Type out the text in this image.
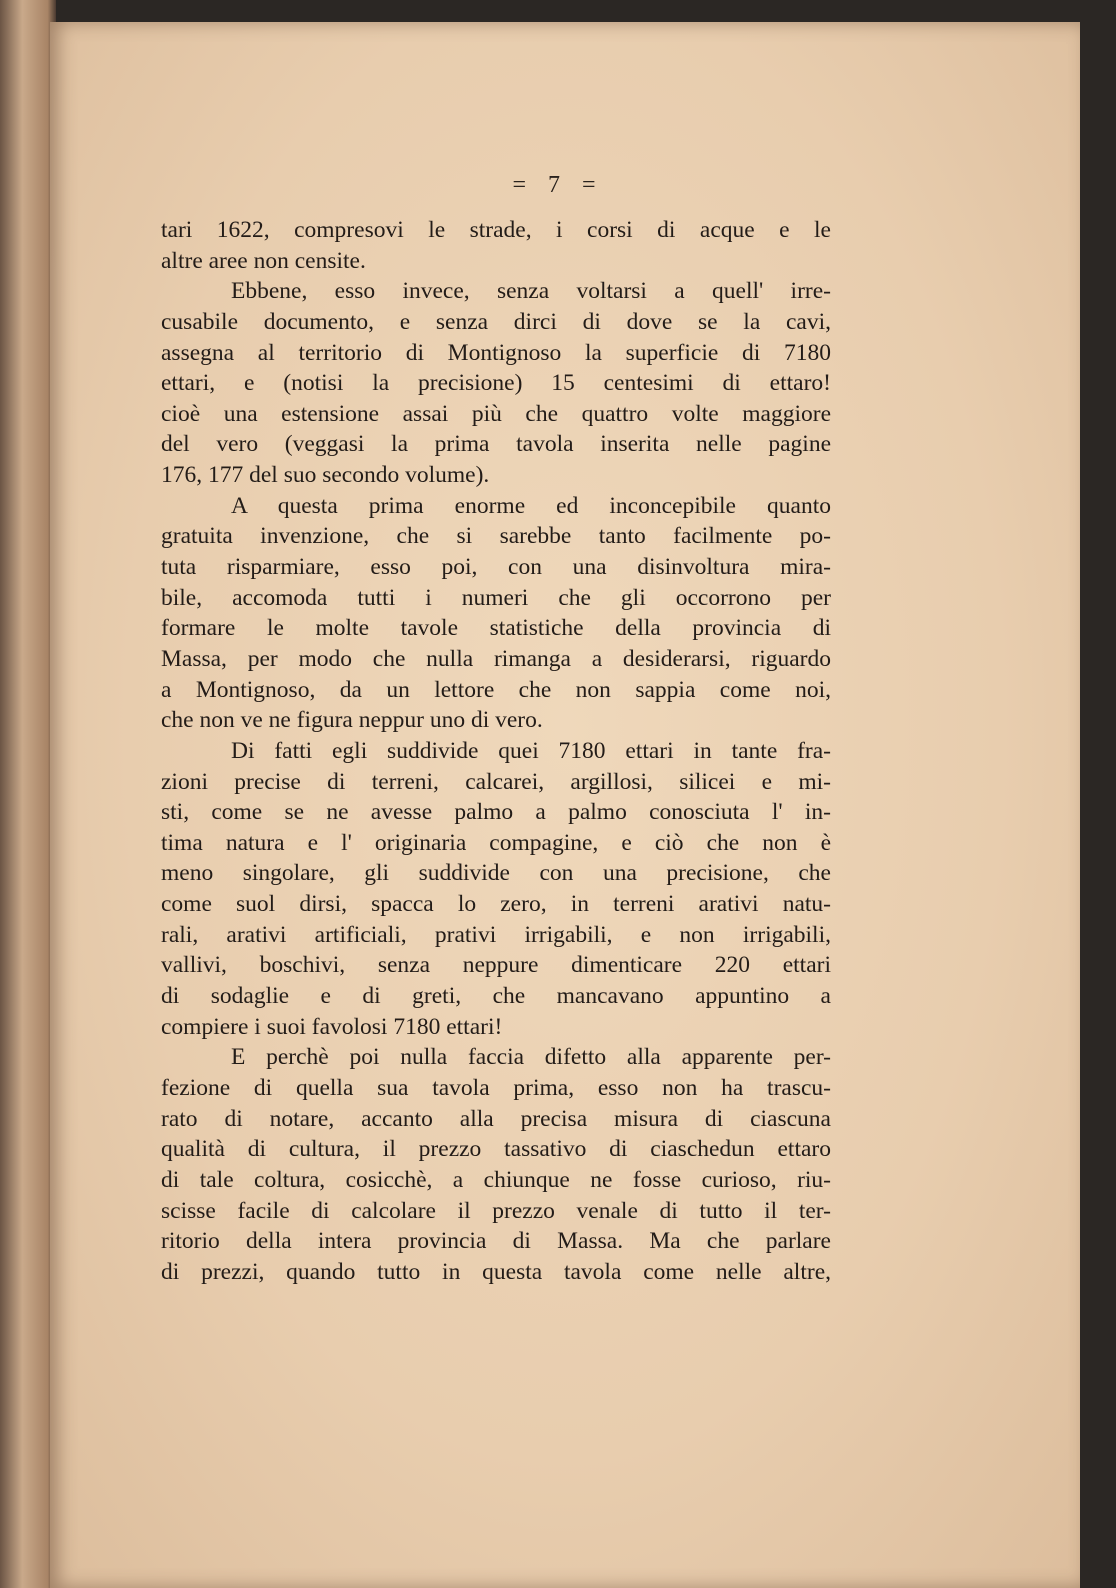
= 7 =
tari 1622, compresovi le strade, i corsi di acque e le
altre aree non censite.
Ebbene, esso invece, senza voltarsi a quell' irre-
cusabile documento, e senza dirci di dove se la cavi,
assegna al territorio di Montignoso la superficie di 7180
ettari, e (notisi la precisione) 15 centesimi di ettaro!
cioè una estensione assai più che quattro volte maggiore
del vero (veggasi la prima tavola inserita nelle pagine
176, 177 del suo secondo volume).
A questa prima enorme ed inconcepibile quanto
gratuita invenzione, che si sarebbe tanto facilmente po-
tuta risparmiare, esso poi, con una disinvoltura mira-
bile, accomoda tutti i numeri che gli occorrono per
formare le molte tavole statistiche della provincia di
Massa, per modo che nulla rimanga a desiderarsi, riguardo
a Montignoso, da un lettore che non sappia come noi,
che non ve ne figura neppur uno di vero.
Di fatti egli suddivide quei 7180 ettari in tante fra-
zioni precise di terreni, calcarei, argillosi, silicei e mi-
sti, come se ne avesse palmo a palmo conosciuta l' in-
tima natura e l' originaria compagine, e ciò che non è
meno singolare, gli suddivide con una precisione, che
come suol dirsi, spacca lo zero, in terreni arativi natu-
rali, arativi artificiali, prativi irrigabili, e non irrigabili,
vallivi, boschivi, senza neppure dimenticare 220 ettari
di sodaglie e di greti, che mancavano appuntino a
compiere i suoi favolosi 7180 ettari!
E perchè poi nulla faccia difetto alla apparente per-
fezione di quella sua tavola prima, esso non ha trascu-
rato di notare, accanto alla precisa misura di ciascuna
qualità di cultura, il prezzo tassativo di ciaschedun ettaro
di tale coltura, cosicchè, a chiunque ne fosse curioso, riu-
scisse facile di calcolare il prezzo venale di tutto il ter-
ritorio della intera provincia di Massa. Ma che parlare
di prezzi, quando tutto in questa tavola come nelle altre,
